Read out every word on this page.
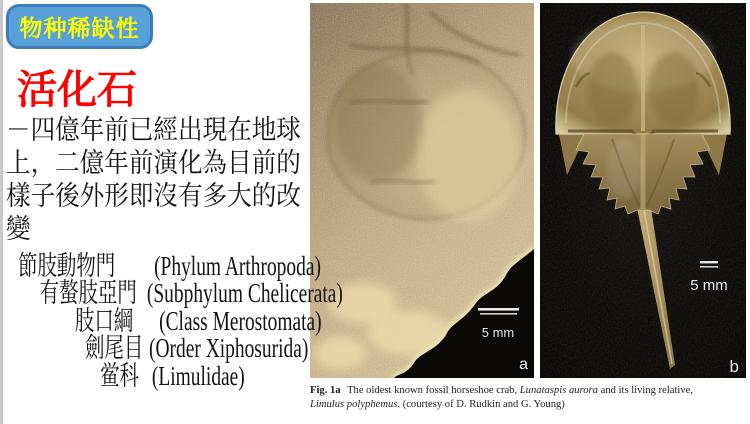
物种稀缺性
活化石
－四億年前已經出現在地球
上，二億年前演化為目前的
樣子後外形即沒有多大的改
變
節肢動物門 (Phylum Arthropoda)
有螯肢亞門 (Subphylum Chelicerata)
肢口綱 (Class Merostomata)
劍尾目 (Order Xiphosurida)
鲎科 (Limulidae)
5 mm
a
5 mm
b
Fig. 1a The oldest known fossil horseshoe crab, Lunataspis aurora and its living relative,
Limulus polyphemus. (courtesy of D. Rudkin and G. Young)
